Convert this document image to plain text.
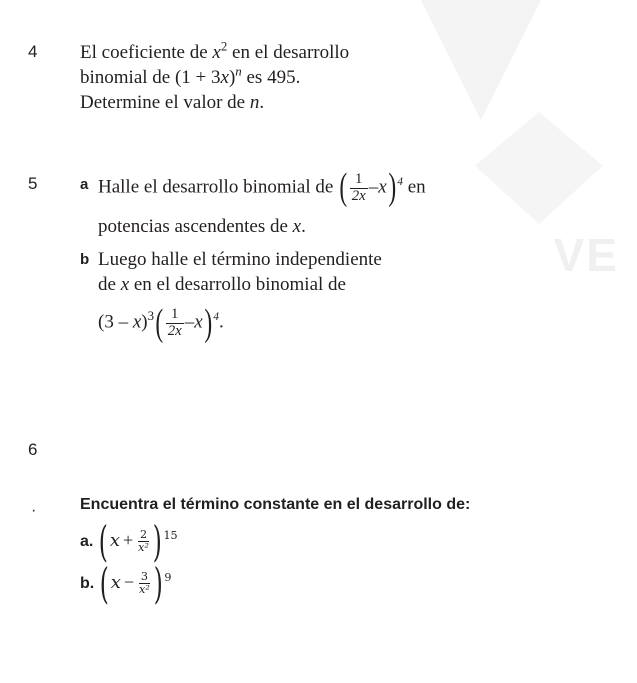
VE
4 El coeficiente de $x^2$ en el desarrollo
binomial de $(1 + 3x)^n$ es 495.
Determine el valor de n.
5	a Halle el desarrollo binomial de ( $\frac{1}{2x} -x)^4$ en
potencias ascendentes de x.
b Luego halle el término independiente
de x en el desarrollo binomial de
$(3 - x)^3( \frac{1}{2x} -x)^4$.
6
·	Encuentra el término constante en el desarrollo de:
a. ($x + \frac{2}{\text{x²}}$ ) $^{15}$
b. ($x - \frac{3}{\text{x²}}$ ) $^9$
